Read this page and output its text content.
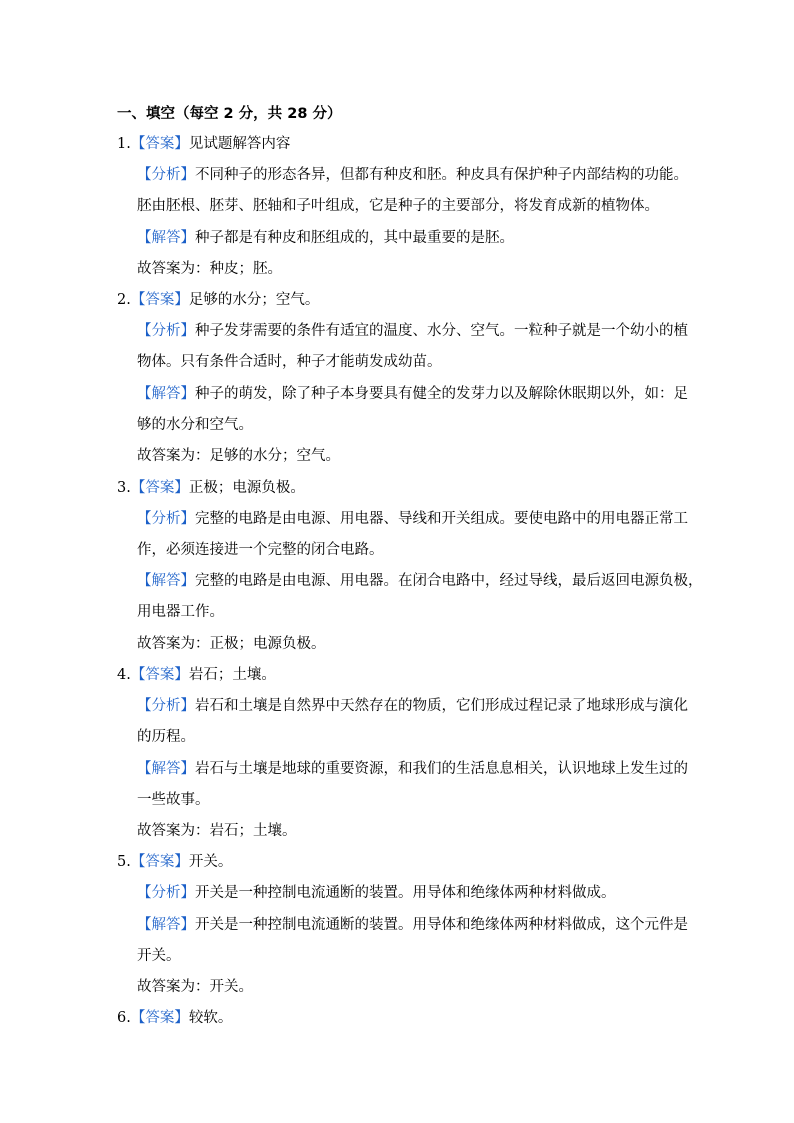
一、填空（每空 2 分，共 28 分）
1.【答案】见试题解答内容
【分析】不同种子的形态各异，但都有种皮和胚。种皮具有保护种子内部结构的功能。
胚由胚根、胚芽、胚轴和子叶组成，它是种子的主要部分，将发育成新的植物体。
【解答】种子都是有种皮和胚组成的，其中最重要的是胚。
故答案为：种皮；胚。
2.【答案】足够的水分；空气。
【分析】种子发芽需要的条件有适宜的温度、水分、空气。一粒种子就是一个幼小的植
物体。只有条件合适时，种子才能萌发成幼苗。
【解答】种子的萌发，除了种子本身要具有健全的发芽力以及解除休眠期以外，如：足
够的水分和空气。
故答案为：足够的水分；空气。
3.【答案】正极；电源负极。
【分析】完整的电路是由电源、用电器、导线和开关组成。要使电路中的用电器正常工
作，必须连接进一个完整的闭合电路。
【解答】完整的电路是由电源、用电器。在闭合电路中，经过导线，最后返回电源负极，
用电器工作。
故答案为：正极；电源负极。
4.【答案】岩石；土壤。
【分析】岩石和土壤是自然界中天然存在的物质，它们形成过程记录了地球形成与演化
的历程。
【解答】岩石与土壤是地球的重要资源，和我们的生活息息相关，认识地球上发生过的
一些故事。
故答案为：岩石；土壤。
5.【答案】开关。
【分析】开关是一种控制电流通断的装置。用导体和绝缘体两种材料做成。
【解答】开关是一种控制电流通断的装置。用导体和绝缘体两种材料做成，这个元件是
开关。
故答案为：开关。
6.【答案】较软。
